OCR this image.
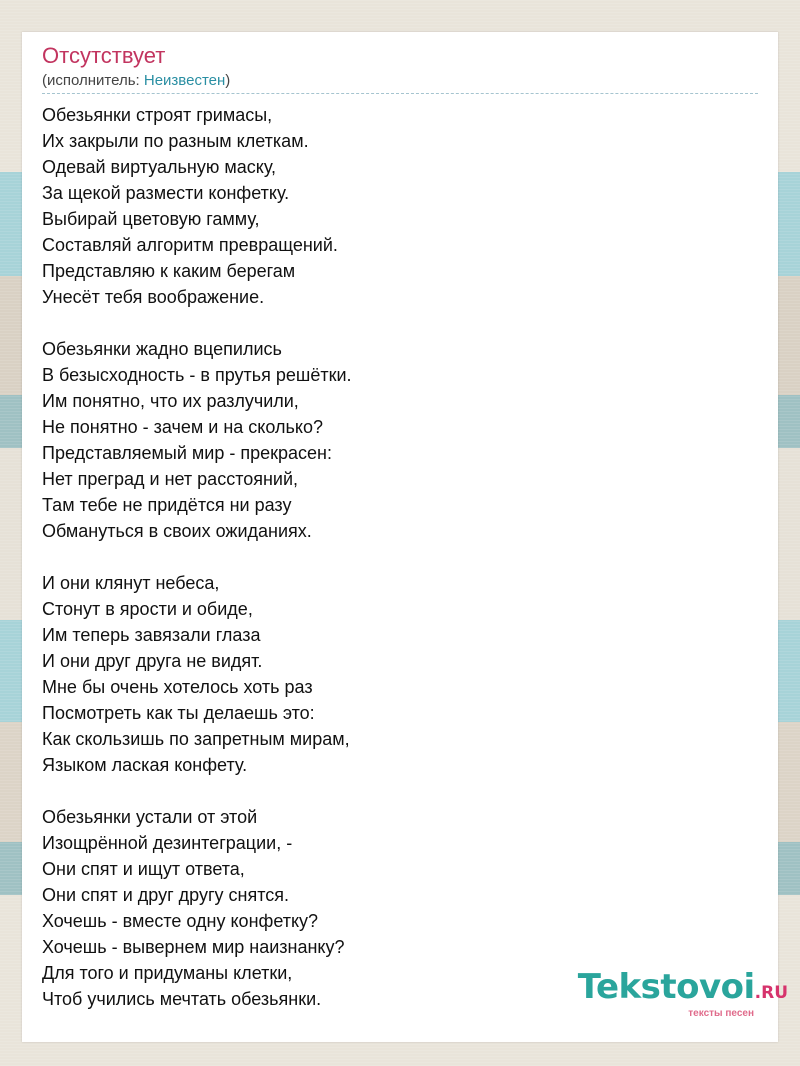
Отсутствует
(исполнитель: Неизвестен)
Обезьянки строят гримасы,
Их закрыли по разным клеткам.
Одевай виртуальную маску,
За щекой размести конфетку.
Выбирай цветовую гамму,
Составляй алгоритм превращений.
Представляю к каким берегам
Унесёт тебя воображение.
Обезьянки жадно вцепились
В безысходность - в прутья решётки.
Им понятно, что их разлучили,
Не понятно - зачем и на сколько?
Представляемый мир - прекрасен:
Нет преград и нет расстояний,
Там тебе не придётся ни разу
Обмануться в своих ожиданиях.
И они клянут небеса,
Стонут в ярости и обиде,
Им теперь завязали глаза
И они друг друга не видят.
Мне бы очень хотелось хоть раз
Посмотреть как ты делаешь это:
Как скользишь по запретным мирам,
Языком лаская конфету.
Обезьянки устали от этой
Изощрённой дезинтеграции, -
Они спят и ищут ответа,
Они спят и друг другу снятся.
Хочешь - вместе одну конфетку?
Хочешь - вывернем мир наизнанку?
Для того и придуманы клетки,
Чтоб учились мечтать обезьянки.	Tekstovoi.RU
тексты песен
